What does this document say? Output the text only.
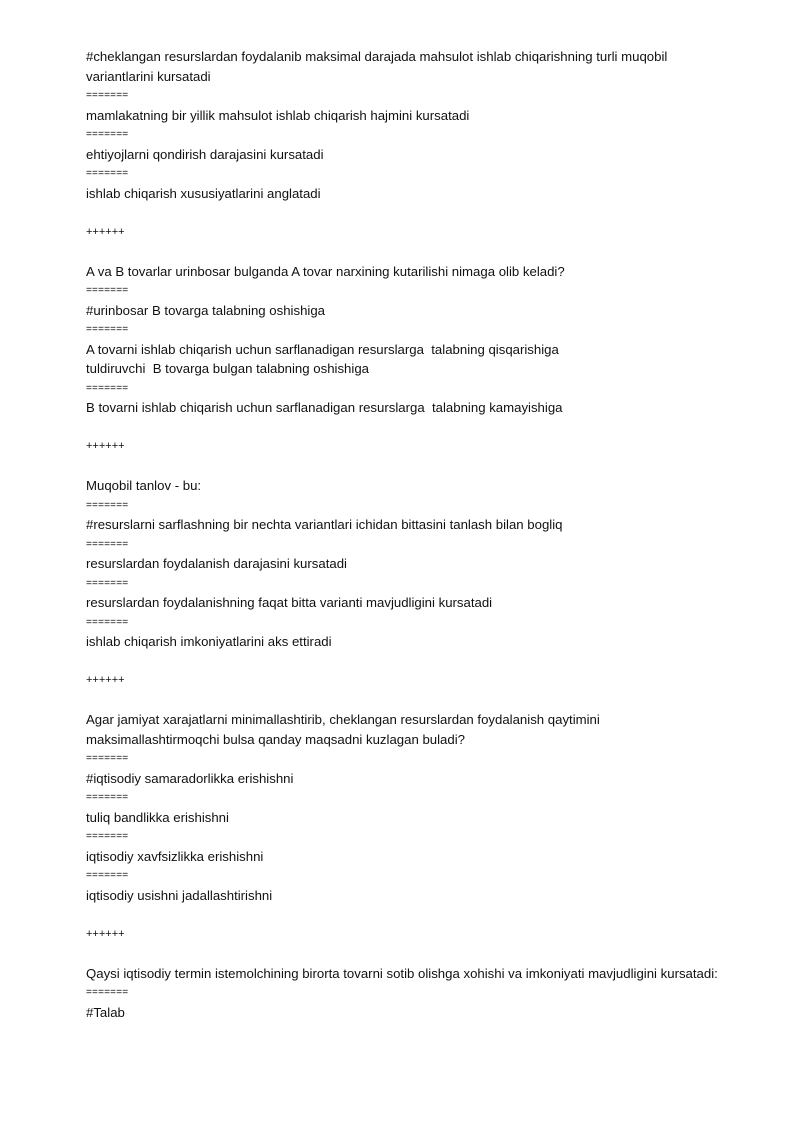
#cheklangan resurslardan foydalanib maksimal darajada mahsulot ishlab chiqarishning turli muqobil variantlarini kursatadi

=======

mamlakatning bir yillik mahsulot ishlab chiqarish hajmini kursatadi

=======

ehtiyojlarni qondirish darajasini kursatadi

=======

ishlab chiqarish xususiyatlarini anglatadi

++++++

A va B tovarlar urinbosar bulganda A tovar narxining kutarilishi nimaga olib keladi?

=======

#urinbosar B tovarga talabning oshishiga

=======

A tovarni ishlab chiqarish uchun sarflanadigan resurslarga  talabning qisqarishiga
tuldiruvchi  B tovarga bulgan talabning oshishiga

=======

B tovarni ishlab chiqarish uchun sarflanadigan resurslarga  talabning kamayishiga

++++++

Muqobil tanlov - bu:

=======

#resurslarni sarflashning bir nechta variantlari ichidan bittasini tanlash bilan bogliq

=======

resurslardan foydalanish darajasini kursatadi

=======

resurslardan foydalanishning faqat bitta varianti mavjudligini kursatadi

=======

ishlab chiqarish imkoniyatlarini aks ettiradi

++++++

Agar jamiyat xarajatlarni minimallashtirib, cheklangan resurslardan foydalanish qaytimini maksimallashtirmoqchi bulsa qanday maqsadni kuzlagan buladi?

=======

#iqtisodiy samaradorlikka erishishni

=======

tuliq bandlikka erishishni

=======

iqtisodiy xavfsizlikka erishishni

=======

iqtisodiy usishni jadallashtirishni

++++++

Qaysi iqtisodiy termin istemolchining birorta tovarni sotib olishga xohishi va imkoniyati mavjudligini kursatadi:

=======

#Talab
